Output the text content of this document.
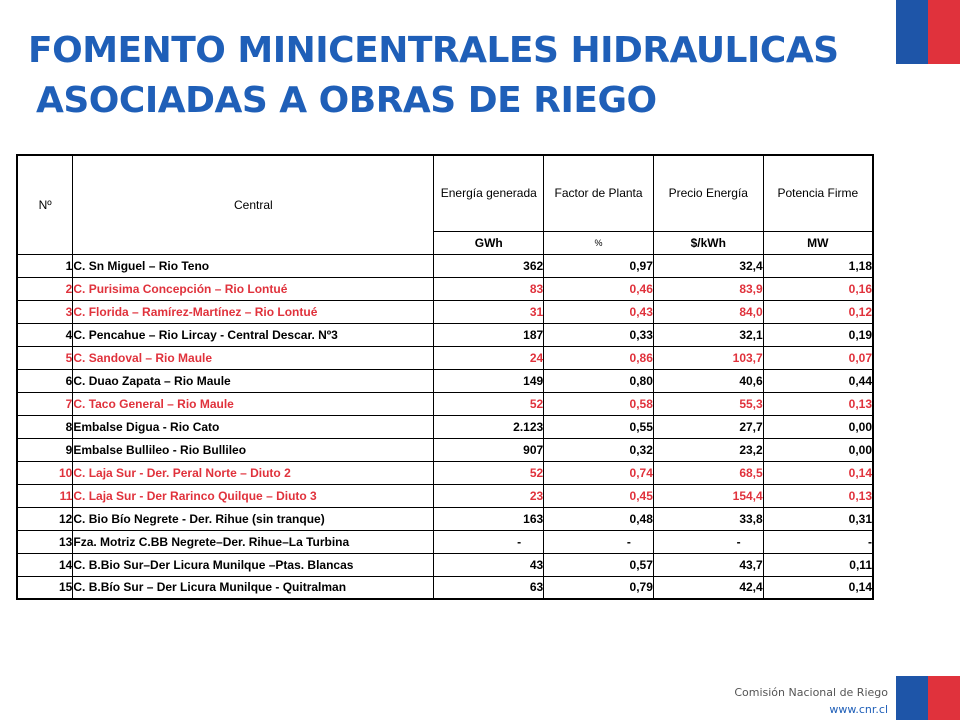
FOMENTO MINICENTRALES HIDRAULICAS
ASOCIADAS A OBRAS DE RIEGO
Nº	Central	Energía generada	Factor de Planta	Precio Energía	Potencia Firme
		GWh	%	$/kWh	MW
1	C. Sn Miguel – Rio Teno	362	0,97	32,4	1,18
2	C. Purisima Concepción – Rio Lontué	83	0,46	83,9	0,16
3	C. Florida – Ramírez-Martínez – Rio Lontué	31	0,43	84,0	0,12
4	C. Pencahue – Rio Lircay - Central Descar. Nº3	187	0,33	32,1	0,19
5	C. Sandoval – Rio Maule	24	0,86	103,7	0,07
6	C. Duao Zapata – Rio Maule	149	0,80	40,6	0,44
7	C. Taco General – Rio Maule	52	0,58	55,3	0,13
8	Embalse Digua - Rio Cato	2.123	0,55	27,7	0,00
9	Embalse Bullileo - Rio Bullileo	907	0,32	23,2	0,00
10	C. Laja Sur - Der. Peral Norte – Diuto 2	52	0,74	68,5	0,14
11	C. Laja Sur - Der Rarinco Quilque – Diuto 3	23	0,45	154,4	0,13
12	C. Bio Bío Negrete - Der. Rihue (sin tranque)	163	0,48	33,8	0,31
13	Fza. Motriz C.BB Negrete–Der. Rihue–La Turbina	-	-	-	-
14	C. B.Bio Sur–Der Licura Munilque –Ptas. Blancas	43	0,57	43,7	0,11
15	C. B.Bío Sur – Der Licura Munilque - Quitralman	63	0,79	42,4	0,14
Comisión Nacional de Riego
www.cnr.cl
